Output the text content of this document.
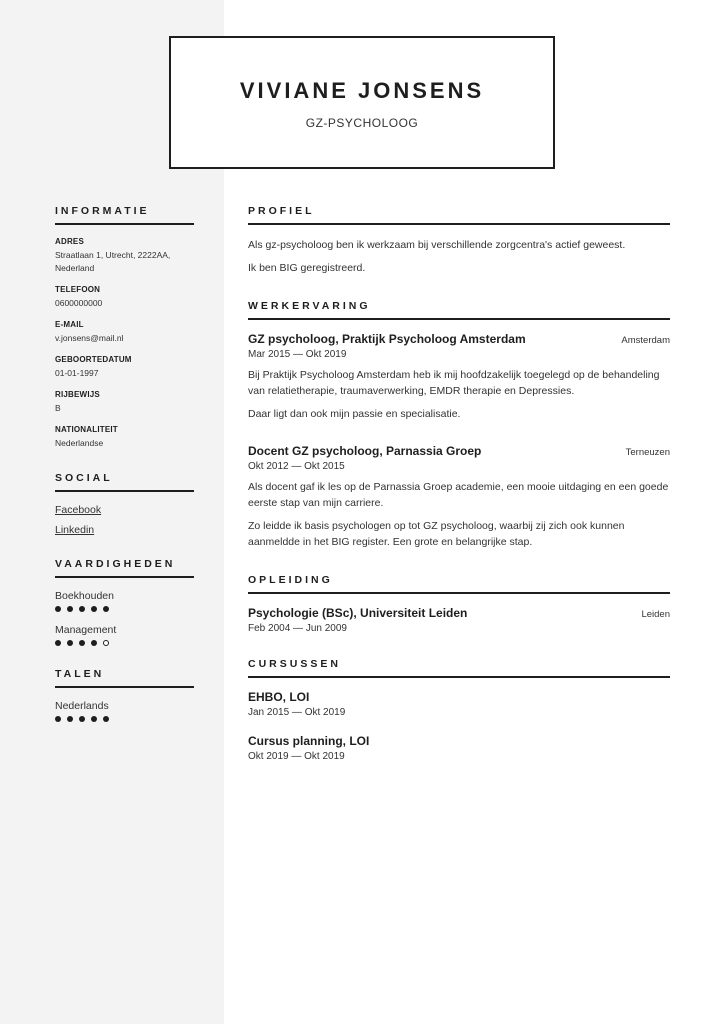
VIVIANE JONSENS
GZ-PSYCHOLOOG
INFORMATIE
ADRES
Straatlaan 1, Utrecht, 2222AA, Nederland
TELEFOON
0600000000
E-MAIL
v.jonsens@mail.nl
GEBOORTEDATUM
01-01-1997
RIJBEWIJS
B
NATIONALITEIT
Nederlandse
SOCIAL
Facebook
Linkedin
VAARDIGHEDEN
Boekhouden
Management
TALEN
Nederlands
PROFIEL

Als gz-psycholoog ben ik werkzaam bij verschillende zorgcentra's actief geweest.

Ik ben BIG geregistreerd.

WERKERVARING
GZ psycholoog, Praktijk Psycholoog Amsterdam	Amsterdam
Mar 2015 — Okt 2019

Bij Praktijk Psycholoog Amsterdam heb ik mij hoofdzakelijk toegelegd op de behandeling van relatietherapie, traumaverwerking, EMDR therapie en Depressies.

Daar ligt dan ook mijn passie en specialisatie.

Docent GZ psycholoog, Parnassia Groep	Terneuzen
Okt 2012 — Okt 2015

Als docent gaf ik les op de Parnassia Groep academie, een mooie uitdaging en een goede eerste stap van mijn carriere.

Zo leidde ik basis psychologen op tot GZ psycholoog, waarbij zij zich ook kunnen aanmeldde in het BIG register. Een grote en belangrijke stap.

OPLEIDING
Psychologie (BSc), Universiteit Leiden	Leiden
Feb 2004 — Jun 2009
CURSUSSEN
EHBO, LOI
Jan 2015 — Okt 2019
Cursus planning, LOI
Okt 2019 — Okt 2019
